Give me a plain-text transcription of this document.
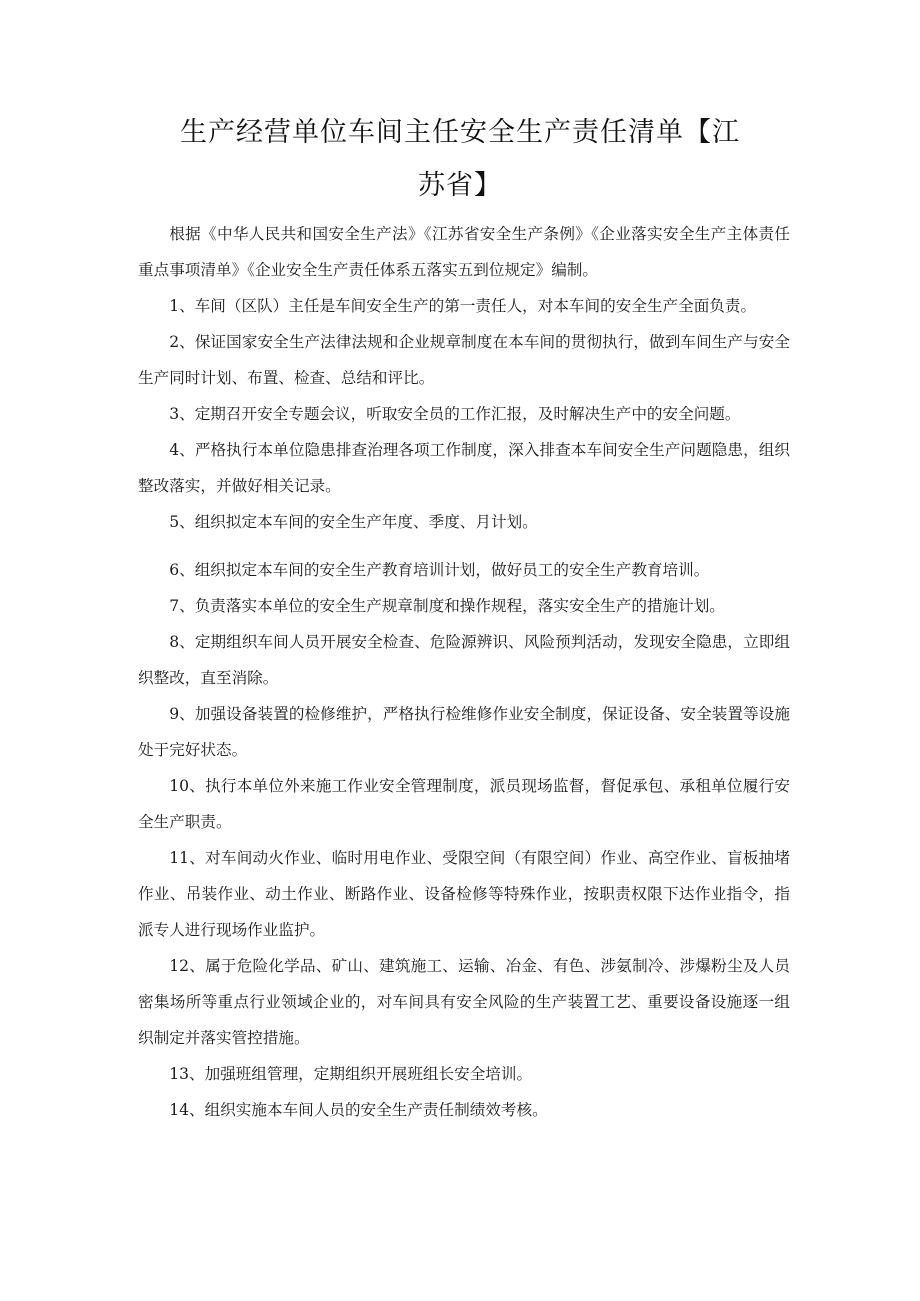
生产经营单位车间主任安全生产责任清单【江
苏省】

根据《中华人民共和国安全生产法》《江苏省安全生产条例》《企业落实安全生产主体责任重点事项清单》《企业安全生产责任体系五落实五到位规定》编制。

1、车间（区队）主任是车间安全生产的第一责任人，对本车间的安全生产全面负责。

2、保证国家安全生产法律法规和企业规章制度在本车间的贯彻执行，做到车间生产与安全生产同时计划、布置、检查、总结和评比。

3、定期召开安全专题会议，听取安全员的工作汇报，及时解决生产中的安全问题。

4、严格执行本单位隐患排查治理各项工作制度，深入排查本车间安全生产问题隐患，组织整改落实，并做好相关记录。

5、组织拟定本车间的安全生产年度、季度、月计划。

6、组织拟定本车间的安全生产教育培训计划，做好员工的安全生产教育培训。

7、负责落实本单位的安全生产规章制度和操作规程，落实安全生产的措施计划。

8、定期组织车间人员开展安全检查、危险源辨识、风险预判活动，发现安全隐患，立即组织整改，直至消除。

9、加强设备装置的检修维护，严格执行检维修作业安全制度，保证设备、安全装置等设施处于完好状态。

10、执行本单位外来施工作业安全管理制度，派员现场监督，督促承包、承租单位履行安全生产职责。

11、对车间动火作业、临时用电作业、受限空间（有限空间）作业、高空作业、盲板抽堵作业、吊装作业、动土作业、断路作业、设备检修等特殊作业，按职责权限下达作业指令，指派专人进行现场作业监护。

12、属于危险化学品、矿山、建筑施工、运输、冶金、有色、涉氨制冷、涉爆粉尘及人员密集场所等重点行业领域企业的，对车间具有安全风险的生产装置工艺、重要设备设施逐一组织制定并落实管控措施。

13、加强班组管理，定期组织开展班组长安全培训。

14、组织实施本车间人员的安全生产责任制绩效考核。
